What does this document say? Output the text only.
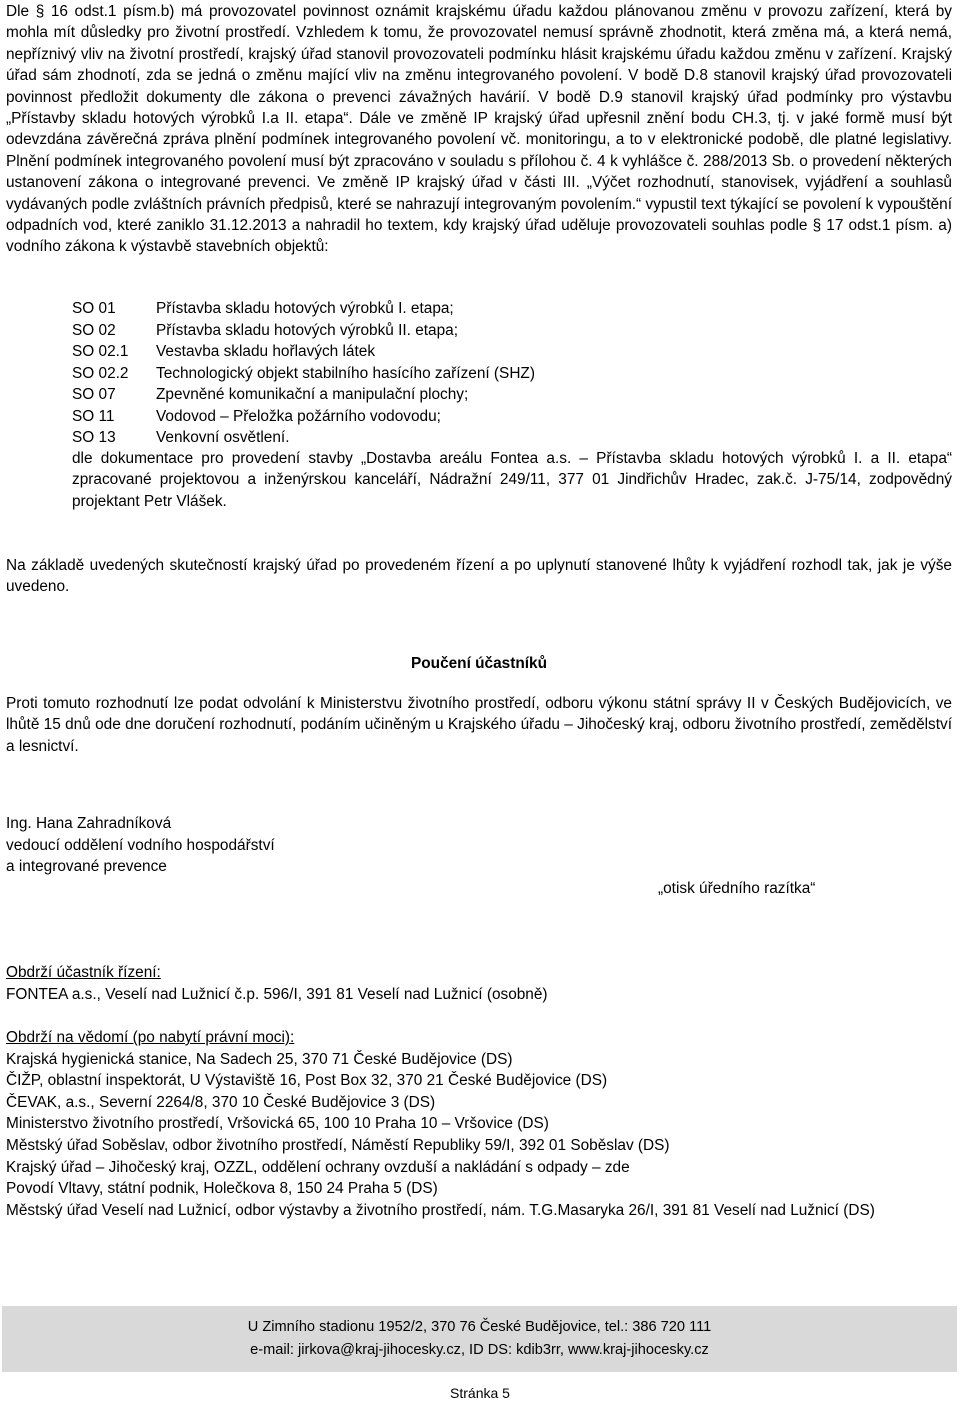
Dle § 16 odst.1 písm.b) má provozovatel povinnost oznámit krajskému úřadu každou plánovanou změnu v provozu zařízení, která by mohla mít důsledky pro životní prostředí. Vzhledem k tomu, že provozovatel nemusí správně zhodnotit, která změna má, a která nemá, nepříznivý vliv na životní prostředí, krajský úřad stanovil provozovateli podmínku hlásit krajskému úřadu každou změnu v zařízení. Krajský úřad sám zhodnotí, zda se jedná o změnu mající vliv na změnu integrovaného povolení. V bodě D.8 stanovil krajský úřad provozovateli povinnost předložit dokumenty dle zákona o prevenci závažných havárií. V bodě D.9 stanovil krajský úřad podmínky pro výstavbu „Přístavby skladu hotových výrobků I.a II. etapa“. Dále ve změně IP krajský úřad upřesnil znění bodu CH.3, tj. v jaké formě musí být odevzdána závěrečná zpráva plnění podmínek integrovaného povolení vč. monitoringu, a to v elektronické podobě, dle platné legislativy. Plnění podmínek integrovaného povolení musí být zpracováno v souladu s přílohou č. 4 k vyhlášce č. 288/2013 Sb. o provedení některých ustanovení zákona o integrované prevenci. Ve změně IP krajský úřad v části III. „Výčet rozhodnutí, stanovisek, vyjádření a souhlasů vydávaných podle zvláštních právních předpisů, které se nahrazují integrovaným povolením.“ vypustil text týkající se povolení k vypouštění odpadních vod, které zaniklo 31.12.2013 a nahradil ho textem, kdy krajský úřad uděluje provozovateli souhlas podle § 17 odst.1 písm. a) vodního zákona k výstavbě stavebních objektů:

SO 01	Přístavba skladu hotových výrobků I. etapa;
SO 02	Přístavba skladu hotových výrobků II. etapa;
SO 02.1 Vestavba skladu hořlavých látek
SO 02.2 Technologický objekt stabilního hasícího zařízení (SHZ)
SO 07	Zpevněné komunikační a manipulační plochy;
SO 11	Vodovod – Přeložka požárního vodovodu;
SO 13	Venkovní osvětlení.

dle dokumentace pro provedení stavby „Dostavba areálu Fontea a.s. – Přístavba skladu hotových výrobků I. a II. etapa“ zpracované projektovou a inženýrskou kanceláří, Nádražní 249/11, 377 01 Jindřichův Hradec, zak.č. J-75/14, zodpovědný projektant Petr Vlášek.

Na základě uvedených skutečností krajský úřad po provedeném řízení a po uplynutí stanovené lhůty k vyjádření rozhodl tak, jak je výše uvedeno.

Poučení účastníků

Proti tomuto rozhodnutí lze podat odvolání k Ministerstvu životního prostředí, odboru výkonu státní správy II v Českých Budějovicích, ve lhůtě 15 dnů ode dne doručení rozhodnutí, podáním učiněným u Krajského úřadu – Jihočeský kraj, odboru životního prostředí, zemědělství a lesnictví.

Ing. Hana Zahradníková
vedoucí oddělení vodního hospodářství
a integrované prevence
„otisk úředního razítka“
Obdrží účastník řízení:
FONTEA a.s., Veselí nad Lužnicí č.p. 596/I, 391 81 Veselí nad Lužnicí (osobně)
Obdrží na vědomí (po nabytí právní moci):
Krajská hygienická stanice, Na Sadech 25, 370 71 České Budějovice (DS)
ČIŽP, oblastní inspektorát, U Výstaviště 16, Post Box 32, 370 21 České Budějovice (DS)
ČEVAK, a.s., Severní 2264/8, 370 10 České Budějovice 3 (DS)
Ministerstvo životního prostředí, Vršovická 65, 100 10 Praha 10 – Vršovice (DS)
Městský úřad Soběslav, odbor životního prostředí, Náměstí Republiky 59/I, 392 01 Soběslav (DS)
Krajský úřad – Jihočeský kraj, OZZL, oddělení ochrany ovzduší a nakládání s odpady – zde
Povodí Vltavy, státní podnik, Holečkova 8, 150 24 Praha 5 (DS)
Městský úřad Veselí nad Lužnicí, odbor výstavby a životního prostředí, nám. T.G.Masaryka 26/I, 391 81 Veselí nad Lužnicí (DS)
U Zimního stadionu 1952/2, 370 76 České Budějovice, tel.: 386 720 111
e-mail: jirkova@kraj-jihocesky.cz, ID DS: kdib3rr, www.kraj-jihocesky.cz
Stránka 5
